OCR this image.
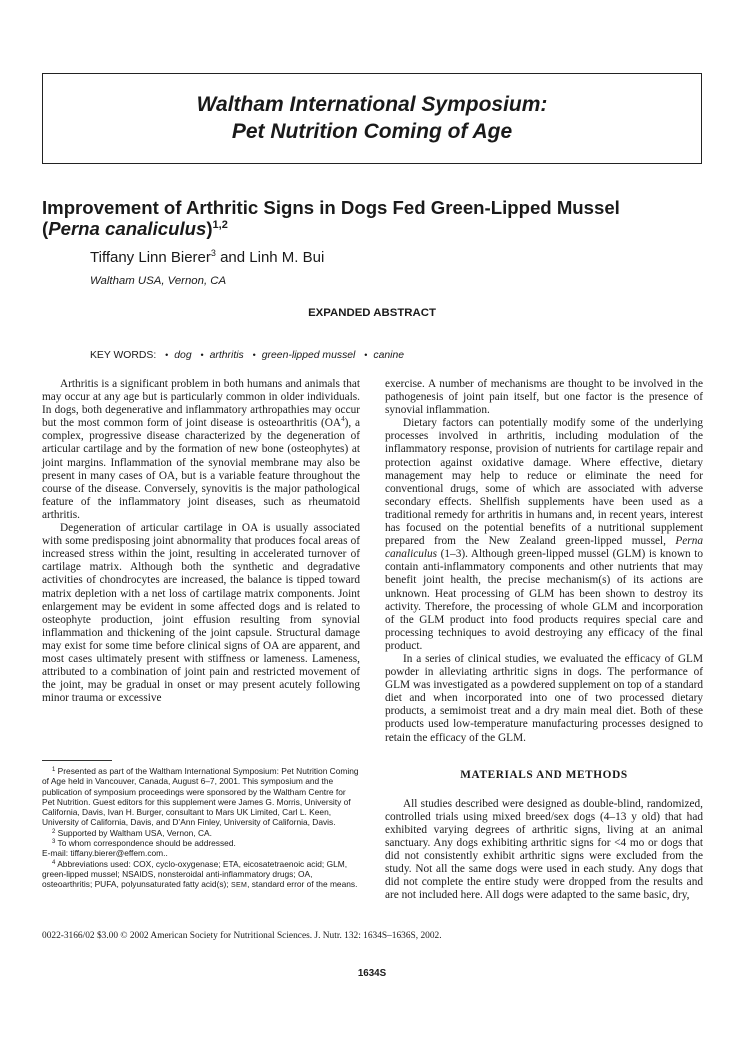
Waltham International Symposium:
Pet Nutrition Coming of Age
Improvement of Arthritic Signs in Dogs Fed Green-Lipped Mussel
(Perna canaliculus)$^{1,2}$
Tiffany Linn Bierer$^3$ and Linh M. Bui
Waltham USA, Vernon, CA
EXPANDED ABSTRACT
KEY WORDS: • dog • arthritis • green-lipped mussel • canine

Arthritis is a significant problem in both humans and animals that may occur at any age but is particularly common in older individuals. In dogs, both degenerative and inflammatory arthropathies may occur but the most common form of joint disease is osteoarthritis $(OA^4)$, a complex, progressive disease characterized by the degeneration of articular cartilage and by the formation of new bone (osteophytes) at joint margins. Inflammation of the synovial membrane may also be present in many cases of OA, but is a variable feature throughout the course of the disease. Conversely, synovitis is the major pathological feature of the inflammatory joint diseases, such as rheumatoid arthritis.

Degeneration of articular cartilage in OA is usually associated with some predisposing joint abnormality that produces focal areas of increased stress within the joint, resulting in accelerated turnover of cartilage matrix. Although both the synthetic and degradative activities of chondrocytes are increased, the balance is tipped toward matrix depletion with a net loss of cartilage matrix components. Joint enlargement may be evident in some affected dogs and is related to osteophyte production, joint effusion resulting from synovial inflammation and thickening of the joint capsule. Structural damage may exist for some time before clinical signs of OA are apparent, and most cases ultimately present with stiffness or lameness. Lameness, attributed to a combination of joint pain and restricted movement of the joint, may be gradual in onset or may present acutely following minor trauma or excessive

exercise. A number of mechanisms are thought to be involved in the pathogenesis of joint pain itself, but one factor is the presence of synovial inflammation.

Dietary factors can potentially modify some of the underlying processes involved in arthritis, including modulation of the inflammatory response, provision of nutrients for cartilage repair and protection against oxidative damage. Where effective, dietary management may help to reduce or eliminate the need for conventional drugs, some of which are associated with adverse secondary effects. Shellfish supplements have been used as a traditional remedy for arthritis in humans and, in recent years, interest has focused on the potential benefits of a nutritional supplement prepared from the New Zealand green-lipped mussel, Perna canaliculus (1–3). Although green-lipped mussel (GLM) is known to contain anti-inflammatory components and other nutrients that may benefit joint health, the precise mechanism(s) of its actions are unknown. Heat processing of GLM has been shown to destroy its activity. Therefore, the processing of whole GLM and incorporation of the GLM product into food products requires special care and processing techniques to avoid destroying any efficacy of the final product.

In a series of clinical studies, we evaluated the efficacy of GLM powder in alleviating arthritic signs in dogs. The performance of GLM was investigated as a powdered supplement on top of a standard diet and when incorporated into one of two processed dietary products, a semimoist treat and a dry main meal diet. Both of these products used low-temperature manufacturing processes designed to retain the efficacy of the GLM.

MATERIALS AND METHODS

All studies described were designed as double-blind, randomized, controlled trials using mixed breed/sex dogs (4–13 y old) that had exhibited varying degrees of arthritic signs, living at an animal sanctuary. Any dogs exhibiting arthritic signs for <4 mo or dogs that did not consistently exhibit arthritic signs were excluded from the study. Not all the same dogs were used in each study. Any dogs that did not complete the entire study were dropped from the results and are not included here. All dogs were adapted to the same basic, dry,

$^1$ Presented as part of the Waltham International Symposium: Pet Nutrition Coming of Age held in Vancouver, Canada, August 6–7, 2001. This symposium and the publication of symposium proceedings were sponsored by the Waltham Centre for Pet Nutrition. Guest editors for this supplement were James G. Morris, University of California, Davis, Ivan H. Burger, consultant to Mars UK Limited, Carl L. Keen, University of California, Davis, and D’Ann Finley, University of California, Davis.

$^2$ Supported by Waltham USA, Vernon, CA.

$^3$ To whom correspondence should be addressed.

E-mail: tiffany.bierer@effem.com..

$^4$ Abbreviations used: COX, cyclo-oxygenase; ETA, eicosatetraenoic acid; GLM, green-lipped mussel; NSAIDS, nonsteroidal anti-inflammatory drugs; OA, osteoarthritis; PUFA, polyunsaturated fatty acid(s); SEM, standard error of the means.

0022-3166/02 $3.00 © 2002 American Society for Nutritional Sciences. J. Nutr. 132: 1634S–1636S, 2002.
1634S
